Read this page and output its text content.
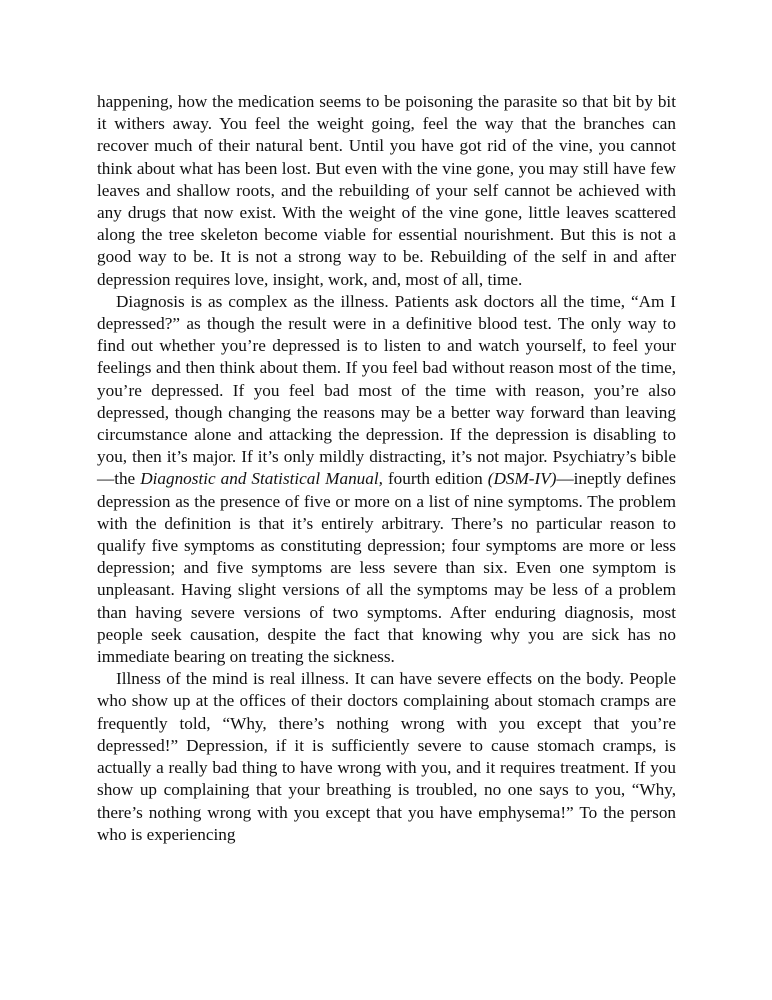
happening, how the medication seems to be poisoning the parasite so that bit by bit it withers away. You feel the weight going, feel the way that the branches can recover much of their natural bent. Until you have got rid of the vine, you cannot think about what has been lost. But even with the vine gone, you may still have few leaves and shallow roots, and the rebuilding of your self cannot be achieved with any drugs that now exist. With the weight of the vine gone, little leaves scattered along the tree skeleton become viable for essential nourishment. But this is not a good way to be. It is not a strong way to be. Rebuilding of the self in and after depression requires love, insight, work, and, most of all, time.

Diagnosis is as complex as the illness. Patients ask doctors all the time, “Am I depressed?” as though the result were in a definitive blood test. The only way to find out whether you’re depressed is to listen to and watch yourself, to feel your feelings and then think about them. If you feel bad without reason most of the time, you’re depressed. If you feel bad most of the time with reason, you’re also depressed, though changing the reasons may be a better way forward than leaving circumstance alone and attacking the depression. If the depression is disabling to you, then it’s major. If it’s only mildly distracting, it’s not major. Psychiatry’s bible—the Diagnostic and Statistical Manual, fourth edition (DSM-IV)—ineptly defines depression as the presence of five or more on a list of nine symptoms. The problem with the definition is that it’s entirely arbitrary. There’s no particular reason to qualify five symptoms as constituting depression; four symptoms are more or less depression; and five symptoms are less severe than six. Even one symptom is unpleasant. Having slight versions of all the symptoms may be less of a problem than having severe versions of two symptoms. After enduring diagnosis, most people seek causation, despite the fact that knowing why you are sick has no immediate bearing on treating the sickness.

Illness of the mind is real illness. It can have severe effects on the body. People who show up at the offices of their doctors complaining about stomach cramps are frequently told, “Why, there’s nothing wrong with you except that you’re depressed!” Depression, if it is sufficiently severe to cause stomach cramps, is actually a really bad thing to have wrong with you, and it requires treatment. If you show up complaining that your breathing is troubled, no one says to you, “Why, there’s nothing wrong with you except that you have emphysema!” To the person who is experiencing
